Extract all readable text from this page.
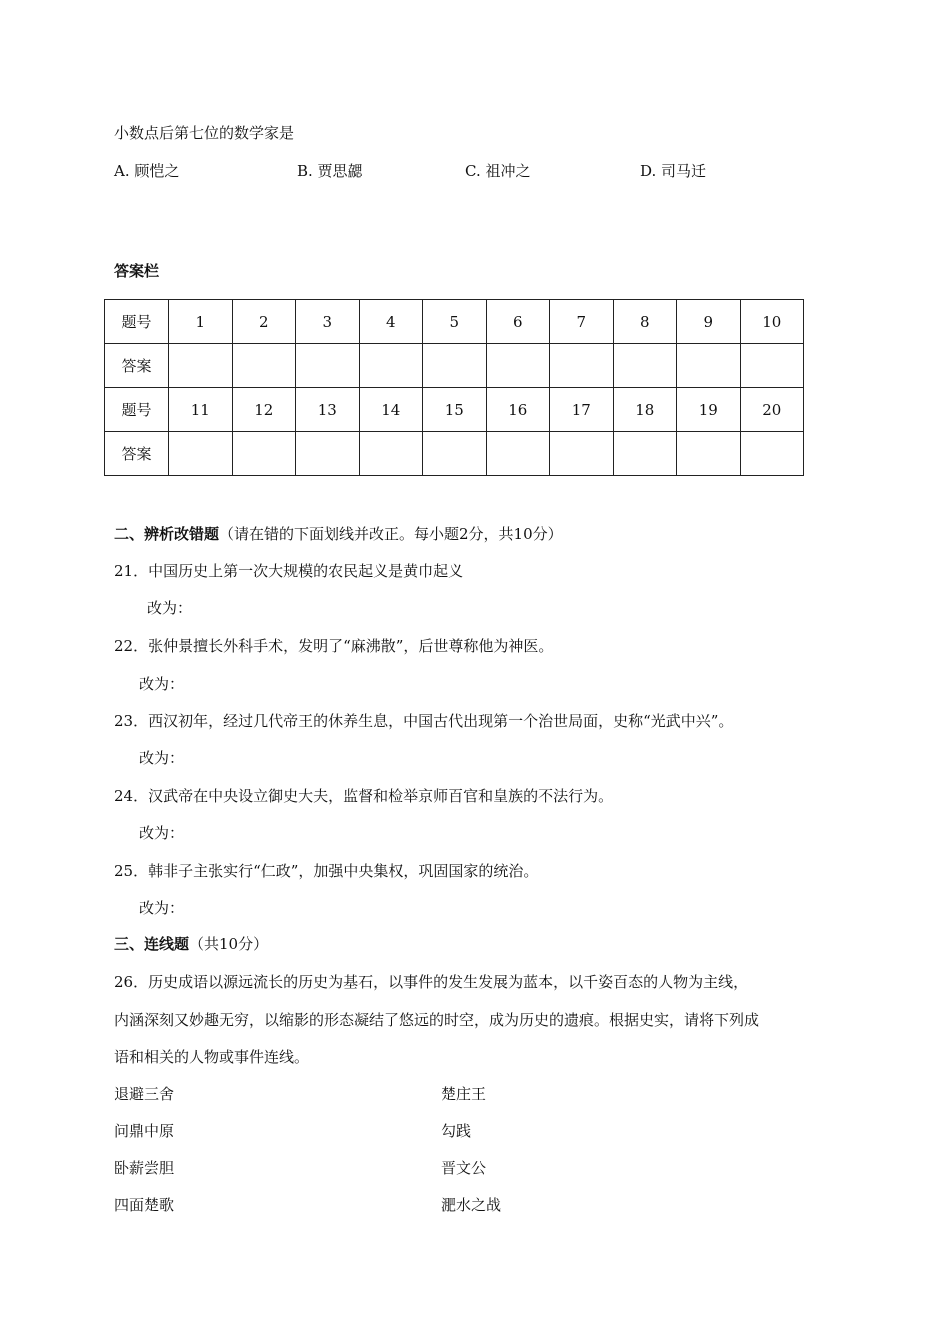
小数点后第七位的数学家是
A. 顾恺之	B. 贾思勰	C. 祖冲之	D. 司马迁
答案栏
题号	1	2	3	4	5	6	7	8	9	10
答案										
题号	11	12	13	14	15	16	17	18	19	20
答案										
二、辨析改错题（请在错的下面划线并改正。每小题2分，共10分）
21．中国历史上第一次大规模的农民起义是黄巾起义
改为：
22．张仲景擅长外科手术，发明了“麻沸散”，后世尊称他为神医。
改为：
23．西汉初年，经过几代帝王的休养生息，中国古代出现第一个治世局面，史称“光武中兴”。
改为：
24．汉武帝在中央设立御史大夫，监督和检举京师百官和皇族的不法行为。
改为：
25．韩非子主张实行“仁政”，加强中央集权，巩固国家的统治。
改为：
三、连线题（共10分）
26．历史成语以源远流长的历史为基石，以事件的发生发展为蓝本，以千姿百态的人物为主线，
内涵深刻又妙趣无穷，以缩影的形态凝结了悠远的时空，成为历史的遗痕。根据史实，请将下列成
语和相关的人物或事件连线。
退避三舍	楚庄王
问鼎中原	勾践
卧薪尝胆	晋文公
四面楚歌	淝水之战
